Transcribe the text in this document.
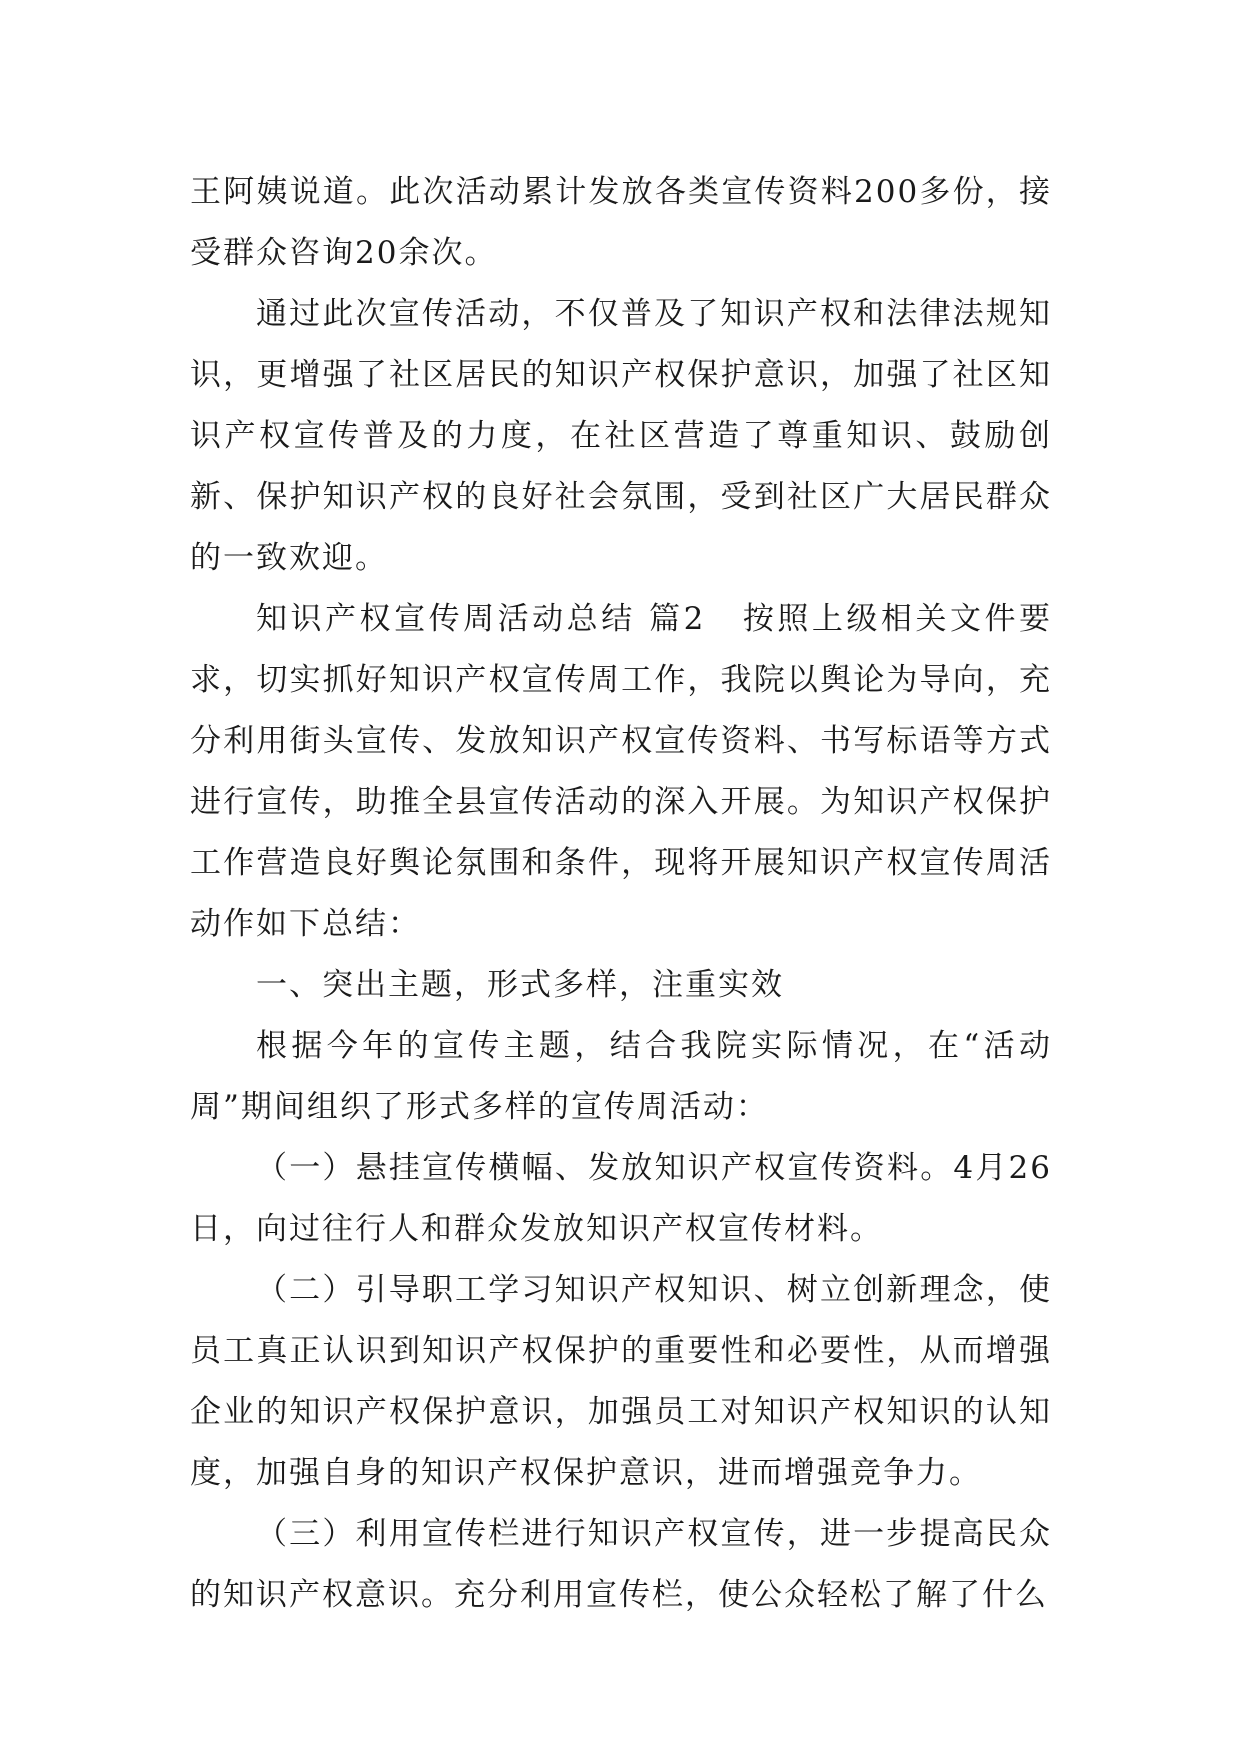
王阿姨说道。此次活动累计发放各类宣传资料200多份，接受群众咨询20余次。

通过此次宣传活动，不仅普及了知识产权和法律法规知识，更增强了社区居民的知识产权保护意识，加强了社区知识产权宣传普及的力度，在社区营造了尊重知识、鼓励创新、保护知识产权的良好社会氛围，受到社区广大居民群众的一致欢迎。

知识产权宣传周活动总结 篇2 按照上级相关文件要求，切实抓好知识产权宣传周工作，我院以舆论为导向，充分利用街头宣传、发放知识产权宣传资料、书写标语等方式进行宣传，助推全县宣传活动的深入开展。为知识产权保护工作营造良好舆论氛围和条件，现将开展知识产权宣传周活动作如下总结：

一、突出主题，形式多样，注重实效

根据今年的宣传主题，结合我院实际情况，在“活动周”期间组织了形式多样的宣传周活动：

（一）悬挂宣传横幅、发放知识产权宣传资料。4月26日，向过往行人和群众发放知识产权宣传材料。

（二）引导职工学习知识产权知识、树立创新理念，使员工真正认识到知识产权保护的重要性和必要性，从而增强企业的知识产权保护意识，加强员工对知识产权知识的认知度，加强自身的知识产权保护意识，进而增强竞争力。

（三）利用宣传栏进行知识产权宣传，进一步提高民众的知识产权意识。充分利用宣传栏，使公众轻松了解了什么
